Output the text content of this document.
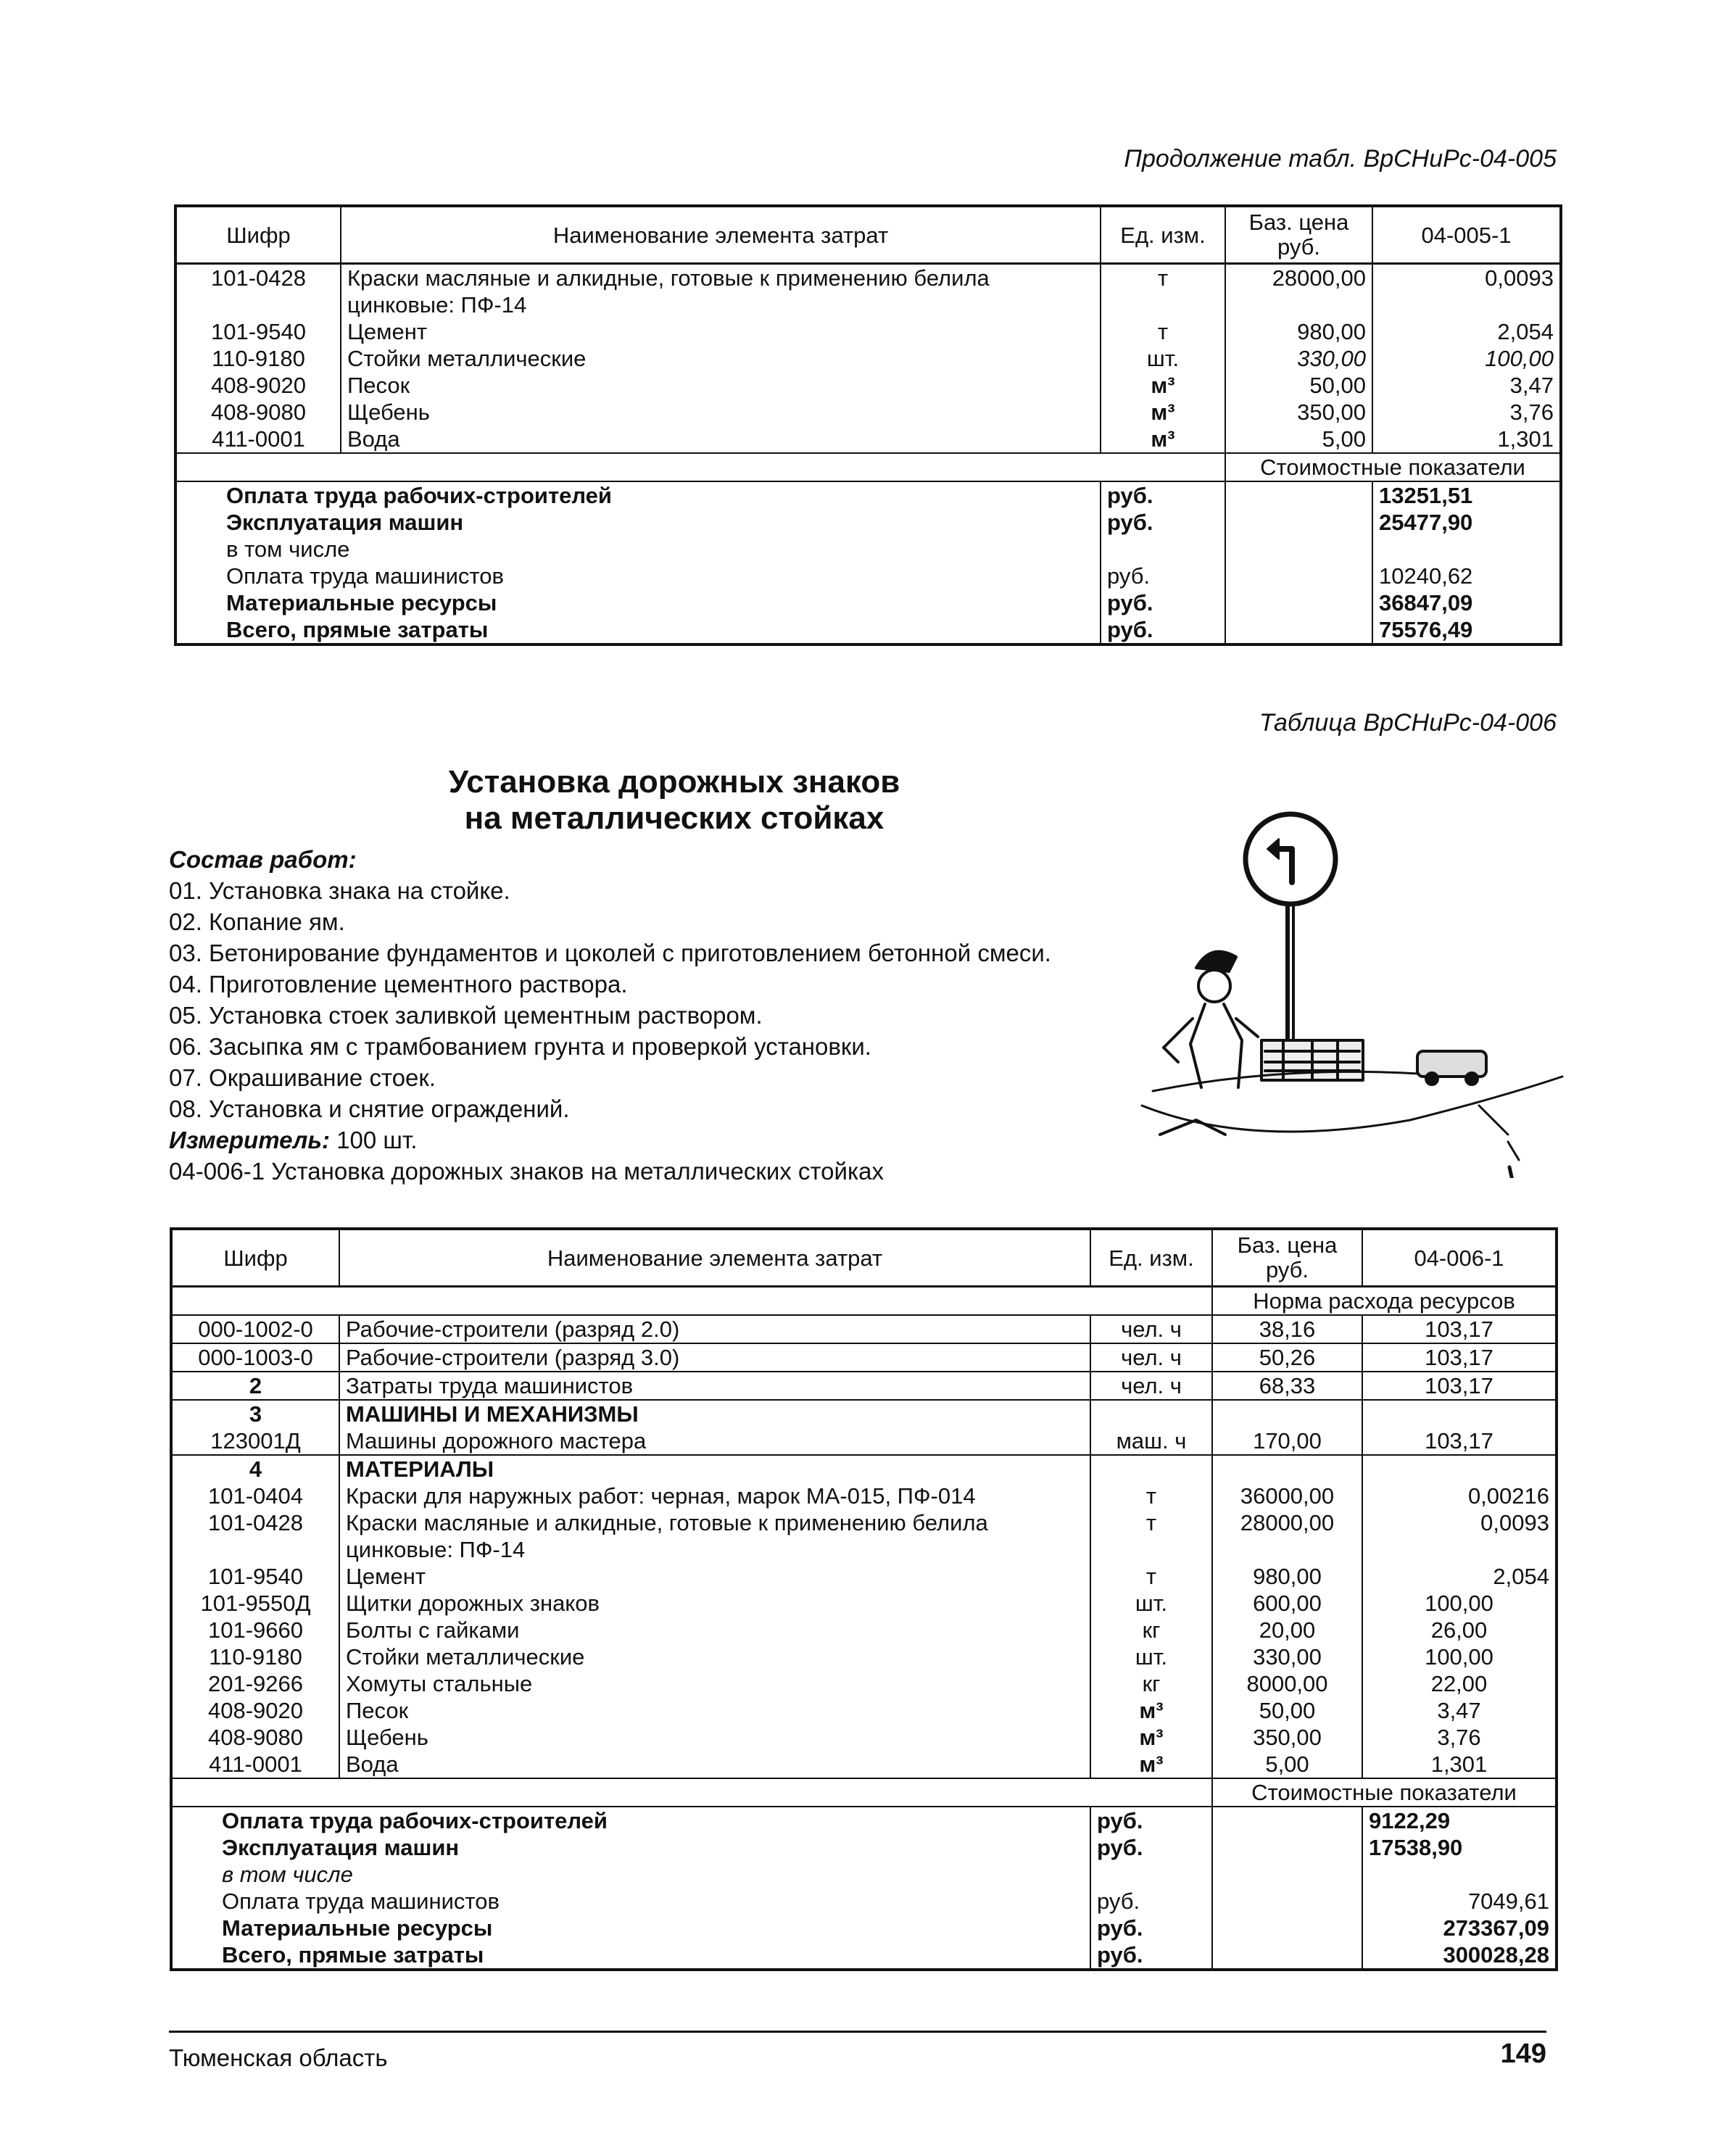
Продолжение табл. ВрСНиРс-04-005
Шифр	Наименование элемента затрат	Ед. изм.	Баз. цена руб.	04-005-1
101-0428	Краски масляные и алкидные, готовые к применению белила	т	28000,00	0,0093
	цинковые: ПФ-14			
101-9540	Цемент	т	980,00	2,054
110-9180	Стойки металлические	шт.	330,00	100,00
408-9020	Песок	м³	50,00	3,47
408-9080	Щебень	м³	350,00	3,76
411-0001	Вода	м³	5,00	1,301
			Стоимостные показатели	
Оплата труда рабочих-строителей		руб.		13251,51
Эксплуатация машин		руб.		25477,90
в том числе				
Оплата труда машинистов		руб.		10240,62
Материальные ресурсы		руб.		36847,09
Всего, прямые затраты		руб.		75576,49
Таблица ВрСНиРс-04-006
Установка дорожных знаков
на металлических стойках
Состав работ:
01. Установка знака на стойке.
02. Копание ям.
03. Бетонирование фундаментов и цоколей с приготовлением бетонной смеси.
04. Приготовление цементного раствора.
05. Установка стоек заливкой цементным раствором.
06. Засыпка ям с трамбованием грунта и проверкой установки.
07. Окрашивание стоек.
08. Установка и снятие ограждений.
Измеритель: 100 шт.
04-006-1 Установка дорожных знаков на металлических стойках
Шифр	Наименование элемента затрат	Ед. изм.	Баз. цена руб.	04-006-1
			Норма расхода ресурсов	
000-1002-0	Рабочие-строители (разряд 2.0)	чел. ч	38,16	103,17
000-1003-0	Рабочие-строители (разряд 3.0)	чел. ч	50,26	103,17
2	Затраты труда машинистов	чел. ч	68,33	103,17
3	МАШИНЫ И МЕХАНИЗМЫ			
123001Д	Машины дорожного мастера	маш. ч	170,00	103,17
4	МАТЕРИАЛЫ			
101-0404	Краски для наружных работ: черная, марок МА-015, ПФ-014	т	36000,00	0,00216
101-0428	Краски масляные и алкидные, готовые к применению белила	т	28000,00	0,0093
	цинковые: ПФ-14			
101-9540	Цемент	т	980,00	2,054
101-9550Д	Щитки дорожных знаков	шт.	600,00	100,00
101-9660	Болты с гайками	кг	20,00	26,00
110-9180	Стойки металлические	шт.	330,00	100,00
201-9266	Хомуты стальные	кг	8000,00	22,00
408-9020	Песок	м³	50,00	3,47
408-9080	Щебень	м³	350,00	3,76
411-0001	Вода	м³	5,00	1,301
			Стоимостные показатели	
Оплата труда рабочих-строителей		руб.		9122,29
Эксплуатация машин		руб.		17538,90
в том числе				
Оплата труда машинистов		руб.		7049,61
Материальные ресурсы		руб.		273367,09
Всего, прямые затраты		руб.		300028,28
Тюменская область	149
